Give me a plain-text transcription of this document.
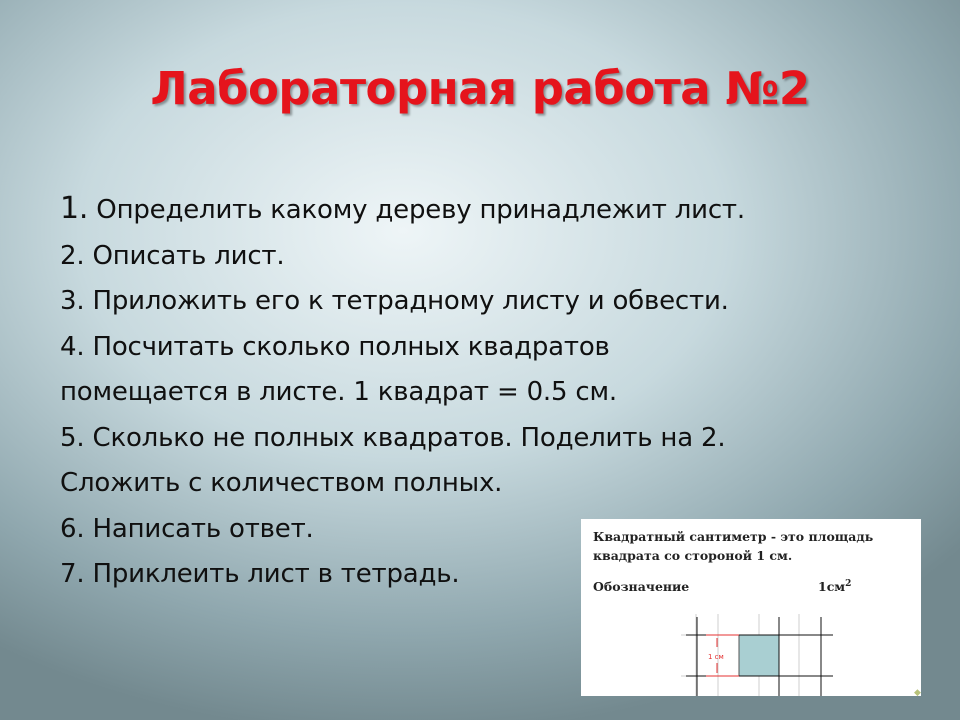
Лабораторная работа №2
1. Определить какому дереву принадлежит лист.
2. Описать лист.
3. Приложить его к тетрадному листу и обвести.
4. Посчитать сколько полных квадратов
помещается в листе. 1 квадрат = 0.5 см.
5. Сколько не полных квадратов. Поделить на 2.
Сложить с количеством полных.
6. Написать ответ.
7. Приклеить лист в тетрадь.
Квадратный сантиметр - это площадь
квадрата со стороной 1 см.
Обозначение	$1см^2$
1 см
◆
